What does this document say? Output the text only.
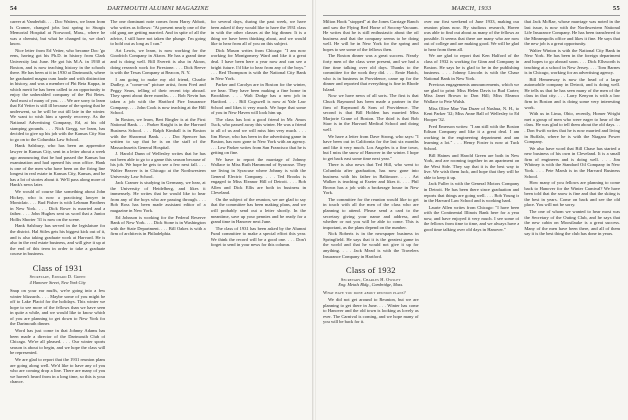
54	DARTMOUTH ALUMNI MAGAZINE

career at Vanderbilt. . . . Doc Watters, we learn from Is Cramer, changed jobs last spring to Sturgis Memorial Hospital at Norwood, Mass., where he was a chemist, but what he changed to, we don't know.

Nice letter from Ed Vetter, who became Doc 'go eens, having got his Ph.D. in history from Clark University last June. He got his M.A. in 1930 at Boston, and is now teaching history in the schools there. He has been at it in 1930 at Dartmouth, where he graduated magna cum laude and with distinction in history, and was a member of Phi Beta Kappa, in which merit he has been called to an opportunity to enjoy the unheralded company of the Phi Betes. And most of many of you. . . . We are sorry to learn that Ed Vetter is still ill because of the spring that he underwent, so he will be out till late in the winter. We want to wish him a speedy recovery. As the National Advertising Company, Ed, at his old stamping grounds. . . . Nick Gregg, we learn, has decided to give up his job with the Kansas City Star to go on to the Columbia Law School.

Hank Salsbury, who has been an apprentice lawyer in Kansas City, sent in a letter about a week ago announcing that he had passed the Kansas bar examination and had opened his own office. Hank is one of the men who have been on the firing line longest in real estate in Kansas City, Kansas, and he has a lot of stories about it. We'll pass along more of Hank's news later.

We would of course like something about John Hickey, who is now a practicing lawyer in Montclair. . . . Bud Fisher is with Lehman Brothers in New York. . . . Dick Rowe is married and a father. . . . John Hughes sent us word that a Junior Hollis Shorter '31 is now on the scene.

Hank Salsbury has served in the legislature for the district. Hal Stiles gets his biggest kick out of it, and is also taking graduate work at Harvard. He is also in the real estate business, and will give it up at the end of this term in order to take a graduate course in business.

Class of 1931
Secretary, Edward D. Green
4 Hanover Street, New York City

Snap on your ear muffs, we're going into a few winter blizzards. . . . Maybe some of you might be off to Lake Placid for the holidays. This winter we hope to see more of the fellows than we have seen in quite a while, and we would like to know which of you are planning to get down to New York for the Dartmouth dinner.

Word has just come in that Johnny Adams has been made a director of the Dartmouth Club of Chicago. We're all pleased. . . . Our winter sports season is about to begin, and we hope the class will be represented.

We are glad to report that the 1931 reunion plans are going along well. We'd like to have any of you who are coming drop a line. There are many of you we haven't heard from in a long time, so this is your chance.

The one dominant note comes from Harry Abbott, who writes as follows: "At present nearly one of the old gang are getting married. And in spite of all the advice, I still have not taken the plunge. I'm going to hold out as long as I can."

Art Lewis, we learn, is now working for the Goodrich Company in Akron. He has a grand time and is doing well. Bill Everett is also in Akron, doing research work for Firestone. . . . Dick Reeve is with the Texas Company at Beacon, N. Y.

I am going to make my old friend, Charlie Dudley, a "come-on" picture artist, from Fred and Peggy Sears, telling of their recent trip abroad. They spent about three months. . . . Bob Nevin has taken a job with the Hartford Fire Insurance Company. . . . John Cook is now teaching at the Hill School.

In Boston, we learn, Bert Ringler is at the First National Bank. . . . Parker Knight is in the Harvard Business School. . . . Ralph Kimball is in Boston with the Shawmut Bank. . . . Doc Spencer has written to say that he is on the staff of the Massachusetts General Hospital.

J. Harold Dunn of Wellesley writes that he has not been able to go to a game this season because of his job. We hope he gets to see a few next fall. . . . Walter Beaver is in Chicago at the Northwestern University Law School.

Jack Cramer is studying in Germany, we hear, at the University of Heidelberg, and likes it immensely. He writes that he would like to hear from any of the boys who are passing through. . . . Bob Ross has been made assistant editor of a magazine in New York.

Ed Johnson is working for the Federal Reserve Bank of New York. . . . Dick Stone is in Washington with the State Department. . . . Bill Oakes is with a firm of architects in Philadelphia.

for several days, during the past week, we have been asked if they would like to have the 1931 class in with the other classes at the big dinner. It is a thing we have been thinking about, and we would like to hear from all of you on this subject.

Dick Mason writes from Chicago: "I am now working for Montgomery Ward and like it a great deal. I have been here a year now and can see a bright future. I'd like to hear from any of the boys." . . . Red Thompson is with the National City Bank in New York.

Parker and Carolyn are in Boston for the winter, we hear. They have been making a fine home in Brookline. . . . Walt Dodge has a new job in Hartford. . . . Bill Cogswell is now at Yale Law School and likes it very much. We hope that some of you in New Haven will look him up.

The class has lost a good friend in Mr. Amos Tuck, who passed away this winter. He was a friend to all of us and we will miss him very much. . . . Jim Howe, who has been in the advertising game in Boston, has now gone to New York with an agency. . . . Lew Parker writes from San Francisco that he is getting on fine.

We have to report the marriage of Johnny Wallace to Miss Ruth Hammond of Syracuse. They are living in Syracuse where Johnny is with the General Electric Company. . . . Ted Brooks is engaged to Miss Eleanor Hill of Detroit. . . . Bob Allen and Dick Ellis are both in business in Cleveland.

On the subject of the reunion, we are glad to say that the committee has been making plans, and we will probably send out a letter shortly. In the meantime, save up your pennies and be ready for a grand time in Hanover next June.

The class of 1931 has been asked by the Alumni Fund committee to make a special effort this year. We think the record will be a good one. . . . Don't forget to send in your news for this column.

MARCH, 1933	55

Milton Hook "stopped" at the Jones Carriage Ranch and saw the Flying Red Horse of Socony-Vacuum. He writes that he is still enthusiastic about the oil business and that the company seems to be doing well. He will be in New York for the spring and hopes to see some of the fellows then.

The Boston dinner was a great success. Nearly forty men of the class were present, and we had a fine time talking over old days. Thanks to the committee for the work they did. . . . Ernie Hatch, who is in business in Providence, came up for the dinner and reported that everything is fine in Rhode Island.

Now we have news of all sorts. The first is that Chuck Raymond has been made a partner in the firm of Raymond & Sons of Providence. The second is that Bill Holden has married Miss Marjorie Crane of Boston. The third is that Bob Starr is in the Harvard Medical School and doing well.

We have a letter from Dave Strong, who says: "I have been out in California for the last six months and like it very much. Los Angeles is a fine town, but I miss the snow of Hanover in the winter. I hope to get back east some time next year."

There is also news that Ted Hill, who went to Columbia after graduation, has now gone into business with his father in Baltimore. . . . Art Walker is teaching at Exeter and likes it. . . . Phil Brown has a job with a brokerage house in New York.

The committee for the reunion would like to get in touch with all the men of the class who are planning to attend. Please send a card to the secretary giving your name and address, and whether or not you will be able to come. This is important, as the plans depend on the number.

Nick Roberts is in the newspaper business in Springfield. He says that it is the greatest game in the world and that he would not give it up for anything. . . . Jack Mead is with the Travelers Insurance Company in Hartford.

Class of 1932
Secretary, Charles H. Owsley
Eng. Metals Bldg., Cambridge, Mass.

What have you done about reunion plans?

We did not get around to Reunion, but we are planning to get there in June. . . . Winter has come to Hanover and the old town is looking as lovely as ever. The Carnival is coming, and we hope many of you will be back for it.

over our first weekend of June 1933, making our reunion plans now. By studious research, Haven was able to find out about as many of the fellows as possible. It seems that there are many who are now out of college and are making good. We will be glad to hear from them all.

We are glad to report that Ken Halford of the class of 1932 is working for Ginn and Company in Boston. He says he is glad to be in the publishing business. . . . Johnny Lincoln is with the Chase National Bank in New York.

Previous engagements announcements, which we are glad to print: Miss Helen Davis to Bud Carter; Miss Janet Brown to Don Hill; Miss Eleanor Wallace to Pete Walsh.

Miss Olive Mae Van Duzer of Nashua, N. H., to Kent Parker '32; Miss Anne Ball of Wellesley to Ed Hooper '32.

Fred Emerson writes: "I am still with the Boston Edison Company and like it a great deal. I am working in the engineering department and am learning a lot." . . . Henry Foster is now at Tuck School.

Bill Haines and Harold Green are both in New York, and are rooming together in an apartment on the West Side. They say that it is the best way to live. We wish them luck, and hope that they will be able to keep it up.

Jack Fuller is with the General Motors Company in Detroit. He has been there since graduation and reports that things are going well. . . . Bob Young is in the Harvard Law School and is working hard.

Laurie Allen writes from Chicago: "I have been with the Continental Illinois Bank here for a year now, and have enjoyed it very much. I see some of the fellows from time to time, and we always have a good time talking over old days in Hanover."

that Jack McRae, whose marriage was noted in the last issue, is now with the Northwestern National Life Insurance Company. He has been transferred to the Minneapolis office and likes it fine. He says that the new job is a great opportunity.

Walter Winton is with the National City Bank in New York. He has been in the foreign department and hopes to go abroad soon. . . . Dick Ellsworth is teaching at a school in New Jersey. . . . Tom Barnes is in Chicago, working for an advertising agency.

Bill Hemenway is now the head of a large automobile company in Detroit, and is doing well. He tells us that he has seen many of the men of the class in that city. . . . Larry Kenyon is with a law firm in Boston and is doing some very interesting work.

With us in Lima, Ohio, recently, Homer Wright met a group of men who were eager to hear of the class. He was glad to tell them about the old days. . . . Don Swift writes that he is now married and living in Buffalo, where he is with the Niagara Power Company.

We also have word that Bill Chase has started a new business of his own in Cleveland. It is a small firm of engineers and is doing well. . . . Jim Whitney is with the Standard Oil Company in New York. . . . Pete Marsh is in the Harvard Business School.

How many of you fellows are planning to come back to Hanover for the Winter Carnival? We have been told that the snow is fine and that the skiing is the best in years. Come on back and see the old place. You will not be sorry.

The one of whom we wanted to hear most was the Secretary of the Outing Club, and he says that the new cabin on Moosilauke is a great success. Many of the men have been there, and all of them say it is the best thing the club has done in years.
